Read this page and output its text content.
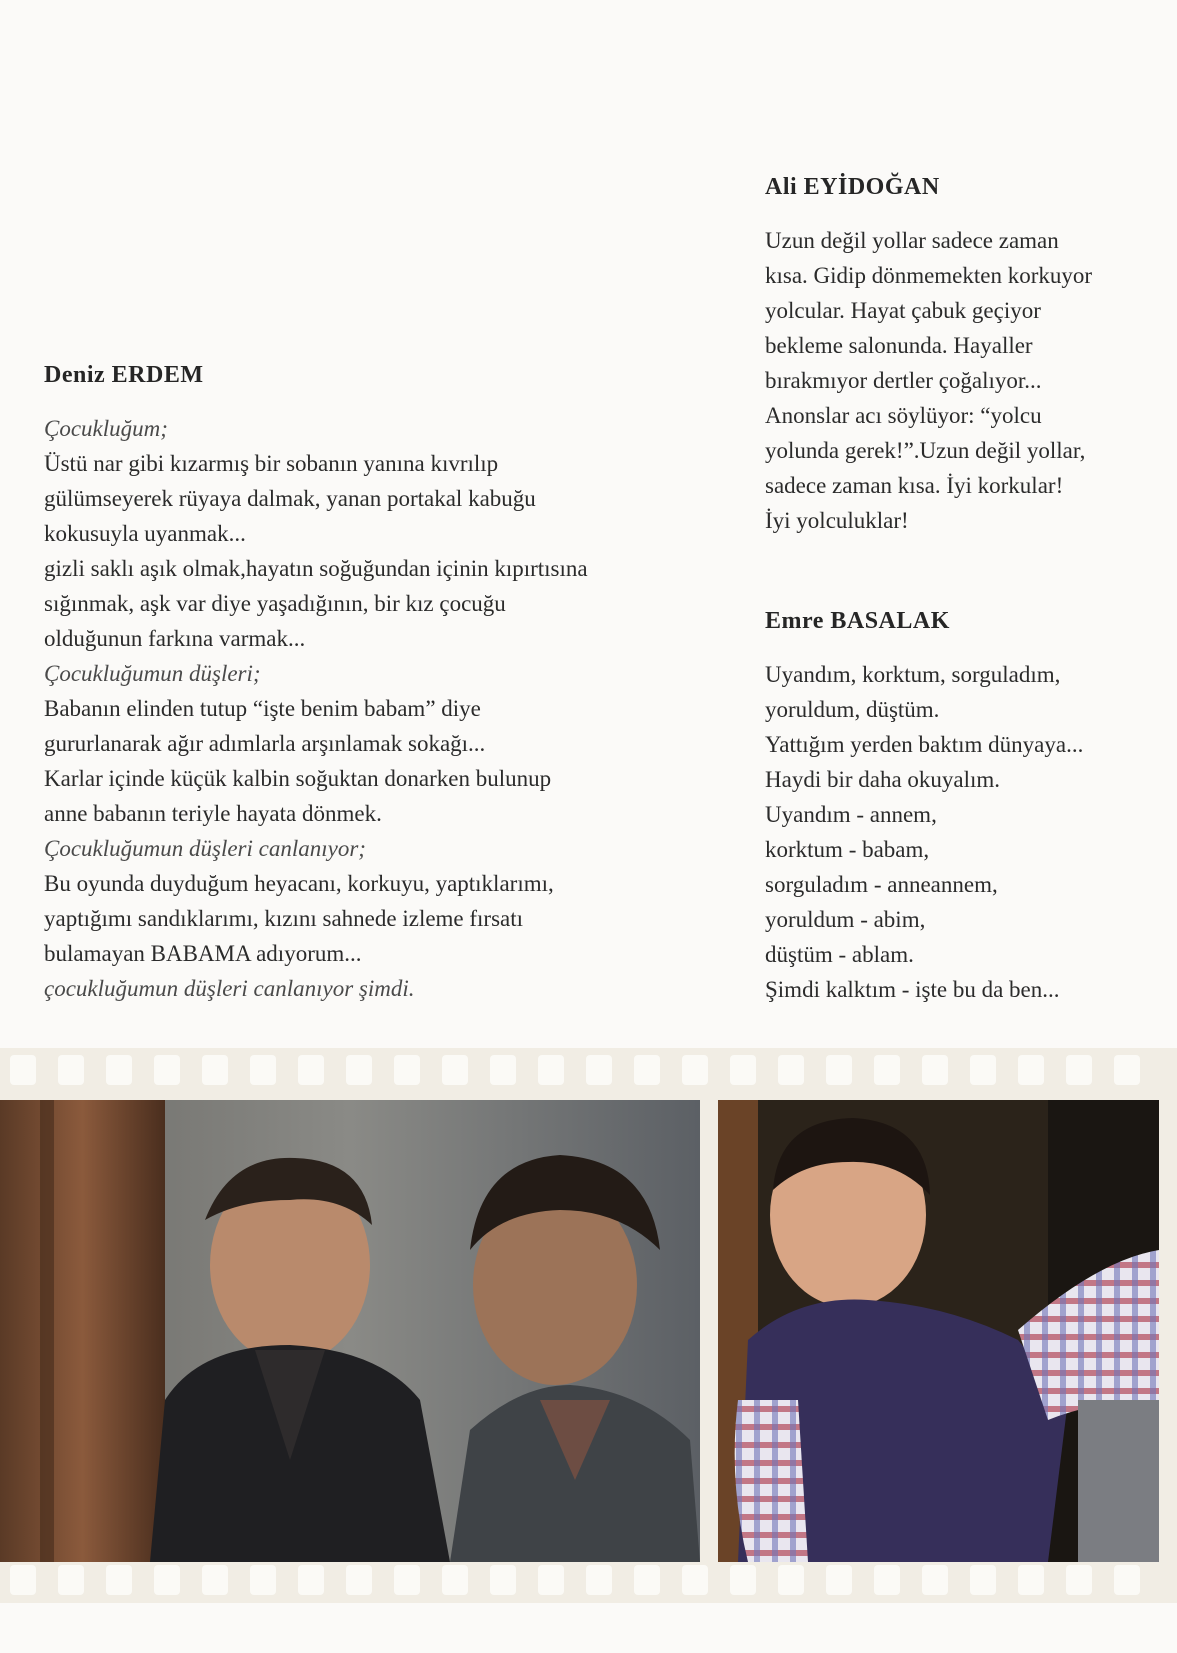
Deniz ERDEM
Çocukluğum;
Üstü nar gibi kızarmış bir sobanın yanına kıvrılıp
gülümseyerek rüyaya dalmak, yanan portakal kabuğu
kokusuyla uyanmak...
gizli saklı aşık olmak,hayatın soğuğundan içinin kıpırtısına
sığınmak, aşk var diye yaşadığının, bir kız çocuğu
olduğunun farkına varmak...
Çocukluğumun düşleri;
Babanın elinden tutup “işte benim babam” diye
gururlanarak ağır adımlarla arşınlamak sokağı...
Karlar içinde küçük kalbin soğuktan donarken bulunup
anne babanın teriyle hayata dönmek.
Çocukluğumun düşleri canlanıyor;
Bu oyunda duyduğum heyacanı, korkuyu, yaptıklarımı,
yaptığımı sandıklarımı, kızını sahnede izleme fırsatı
bulamayan BABAMA adıyorum...
çocukluğumun düşleri canlanıyor şimdi.
Ali EYİDOĞAN
Uzun değil yollar sadece zaman
kısa. Gidip dönmemekten korkuyor
yolcular. Hayat çabuk geçiyor
bekleme salonunda. Hayaller
bırakmıyor dertler çoğalıyor...
Anonslar acı söylüyor: “yolcu
yolunda gerek!”.Uzun değil yollar,
sadece zaman kısa. İyi korkular!
İyi yolculuklar!
Emre BASALAK
Uyandım, korktum, sorguladım,
yoruldum, düştüm.
Yattığım yerden baktım dünyaya...
Haydi bir daha okuyalım.
Uyandım - annem,
korktum - babam,
sorguladım - anneannem,
yoruldum - abim,
düştüm - ablam.
Şimdi kalktım - işte bu da ben...
